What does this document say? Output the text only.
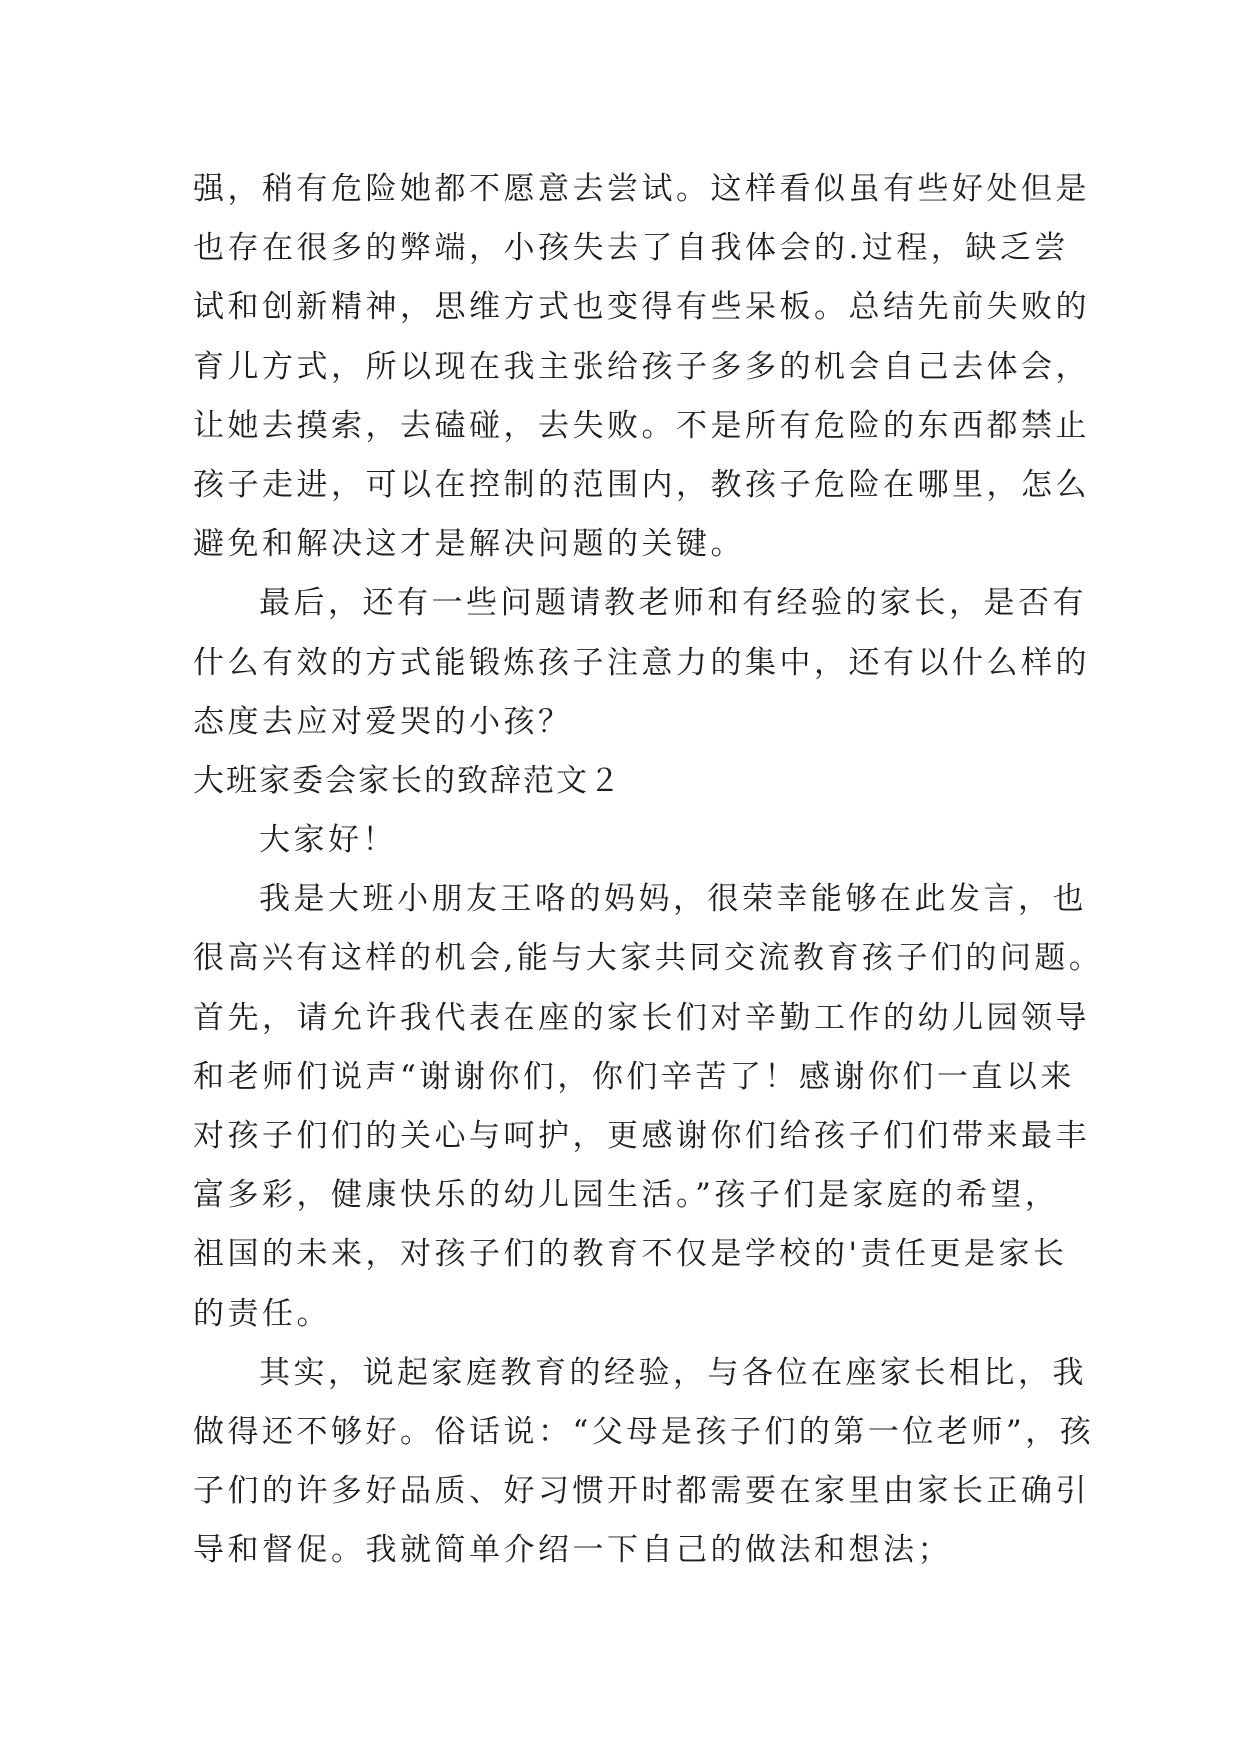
强，稍有危险她都不愿意去尝试。这样看似虽有些好处但是
也存在很多的弊端，小孩失去了自我体会的.过程，缺乏尝
试和创新精神，思维方式也变得有些呆板。总结先前失败的
育儿方式，所以现在我主张给孩子多多的机会自己去体会，
让她去摸索，去磕碰，去失败。不是所有危险的东西都禁止
孩子走进，可以在控制的范围内，教孩子危险在哪里，怎么
避免和解决这才是解决问题的关键。
最后，还有一些问题请教老师和有经验的家长，是否有
什么有效的方式能锻炼孩子注意力的集中，还有以什么样的
态度去应对爱哭的小孩？
大班家委会家长的致辞范文２
大家好！
我是大班小朋友王咯的妈妈，很荣幸能够在此发言，也
很高兴有这样的机会,能与大家共同交流教育孩子们的问题。
首先，请允许我代表在座的家长们对辛勤工作的幼儿园领导
和老师们说声“谢谢你们，你们辛苦了！感谢你们一直以来
对孩子们们的关心与呵护，更感谢你们给孩子们们带来最丰
富多彩，健康快乐的幼儿园生活。”孩子们是家庭的希望，
祖国的未来，对孩子们的教育不仅是学校的'责任更是家长
的责任。
其实，说起家庭教育的经验，与各位在座家长相比，我
做得还不够好。俗话说：“父母是孩子们的第一位老师”，孩
子们的许多好品质、好习惯开时都需要在家里由家长正确引
导和督促。我就简单介绍一下自己的做法和想法；
